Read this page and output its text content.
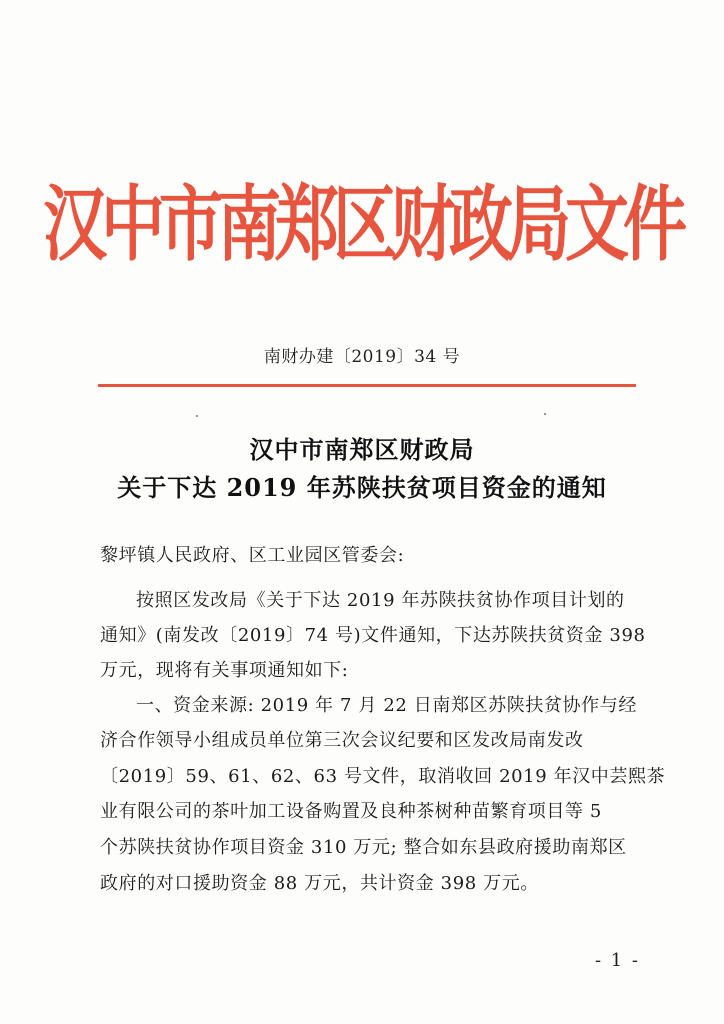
汉中市南郑区财政局文件
南财办建〔2019〕34 号
汉中市南郑区财政局
关于下达 2019 年苏陕扶贫项目资金的通知
黎坪镇人民政府、区工业园区管委会:
按照区发改局《关于下达 2019 年苏陕扶贫协作项目计划的
通知》(南发改〔2019〕74 号)文件通知，下达苏陕扶贫资金 398
万元，现将有关事项通知如下:
一、资金来源: 2019 年 7 月 22 日南郑区苏陕扶贫协作与经
济合作领导小组成员单位第三次会议纪要和区发改局南发改
〔2019〕59、61、62、63 号文件，取消收回 2019 年汉中芸熙茶
业有限公司的茶叶加工设备购置及良种茶树种苗繁育项目等 5
个苏陕扶贫协作项目资金 310 万元; 整合如东县政府援助南郑区
政府的对口援助资金 88 万元，共计资金 398 万元。
- 1 -
